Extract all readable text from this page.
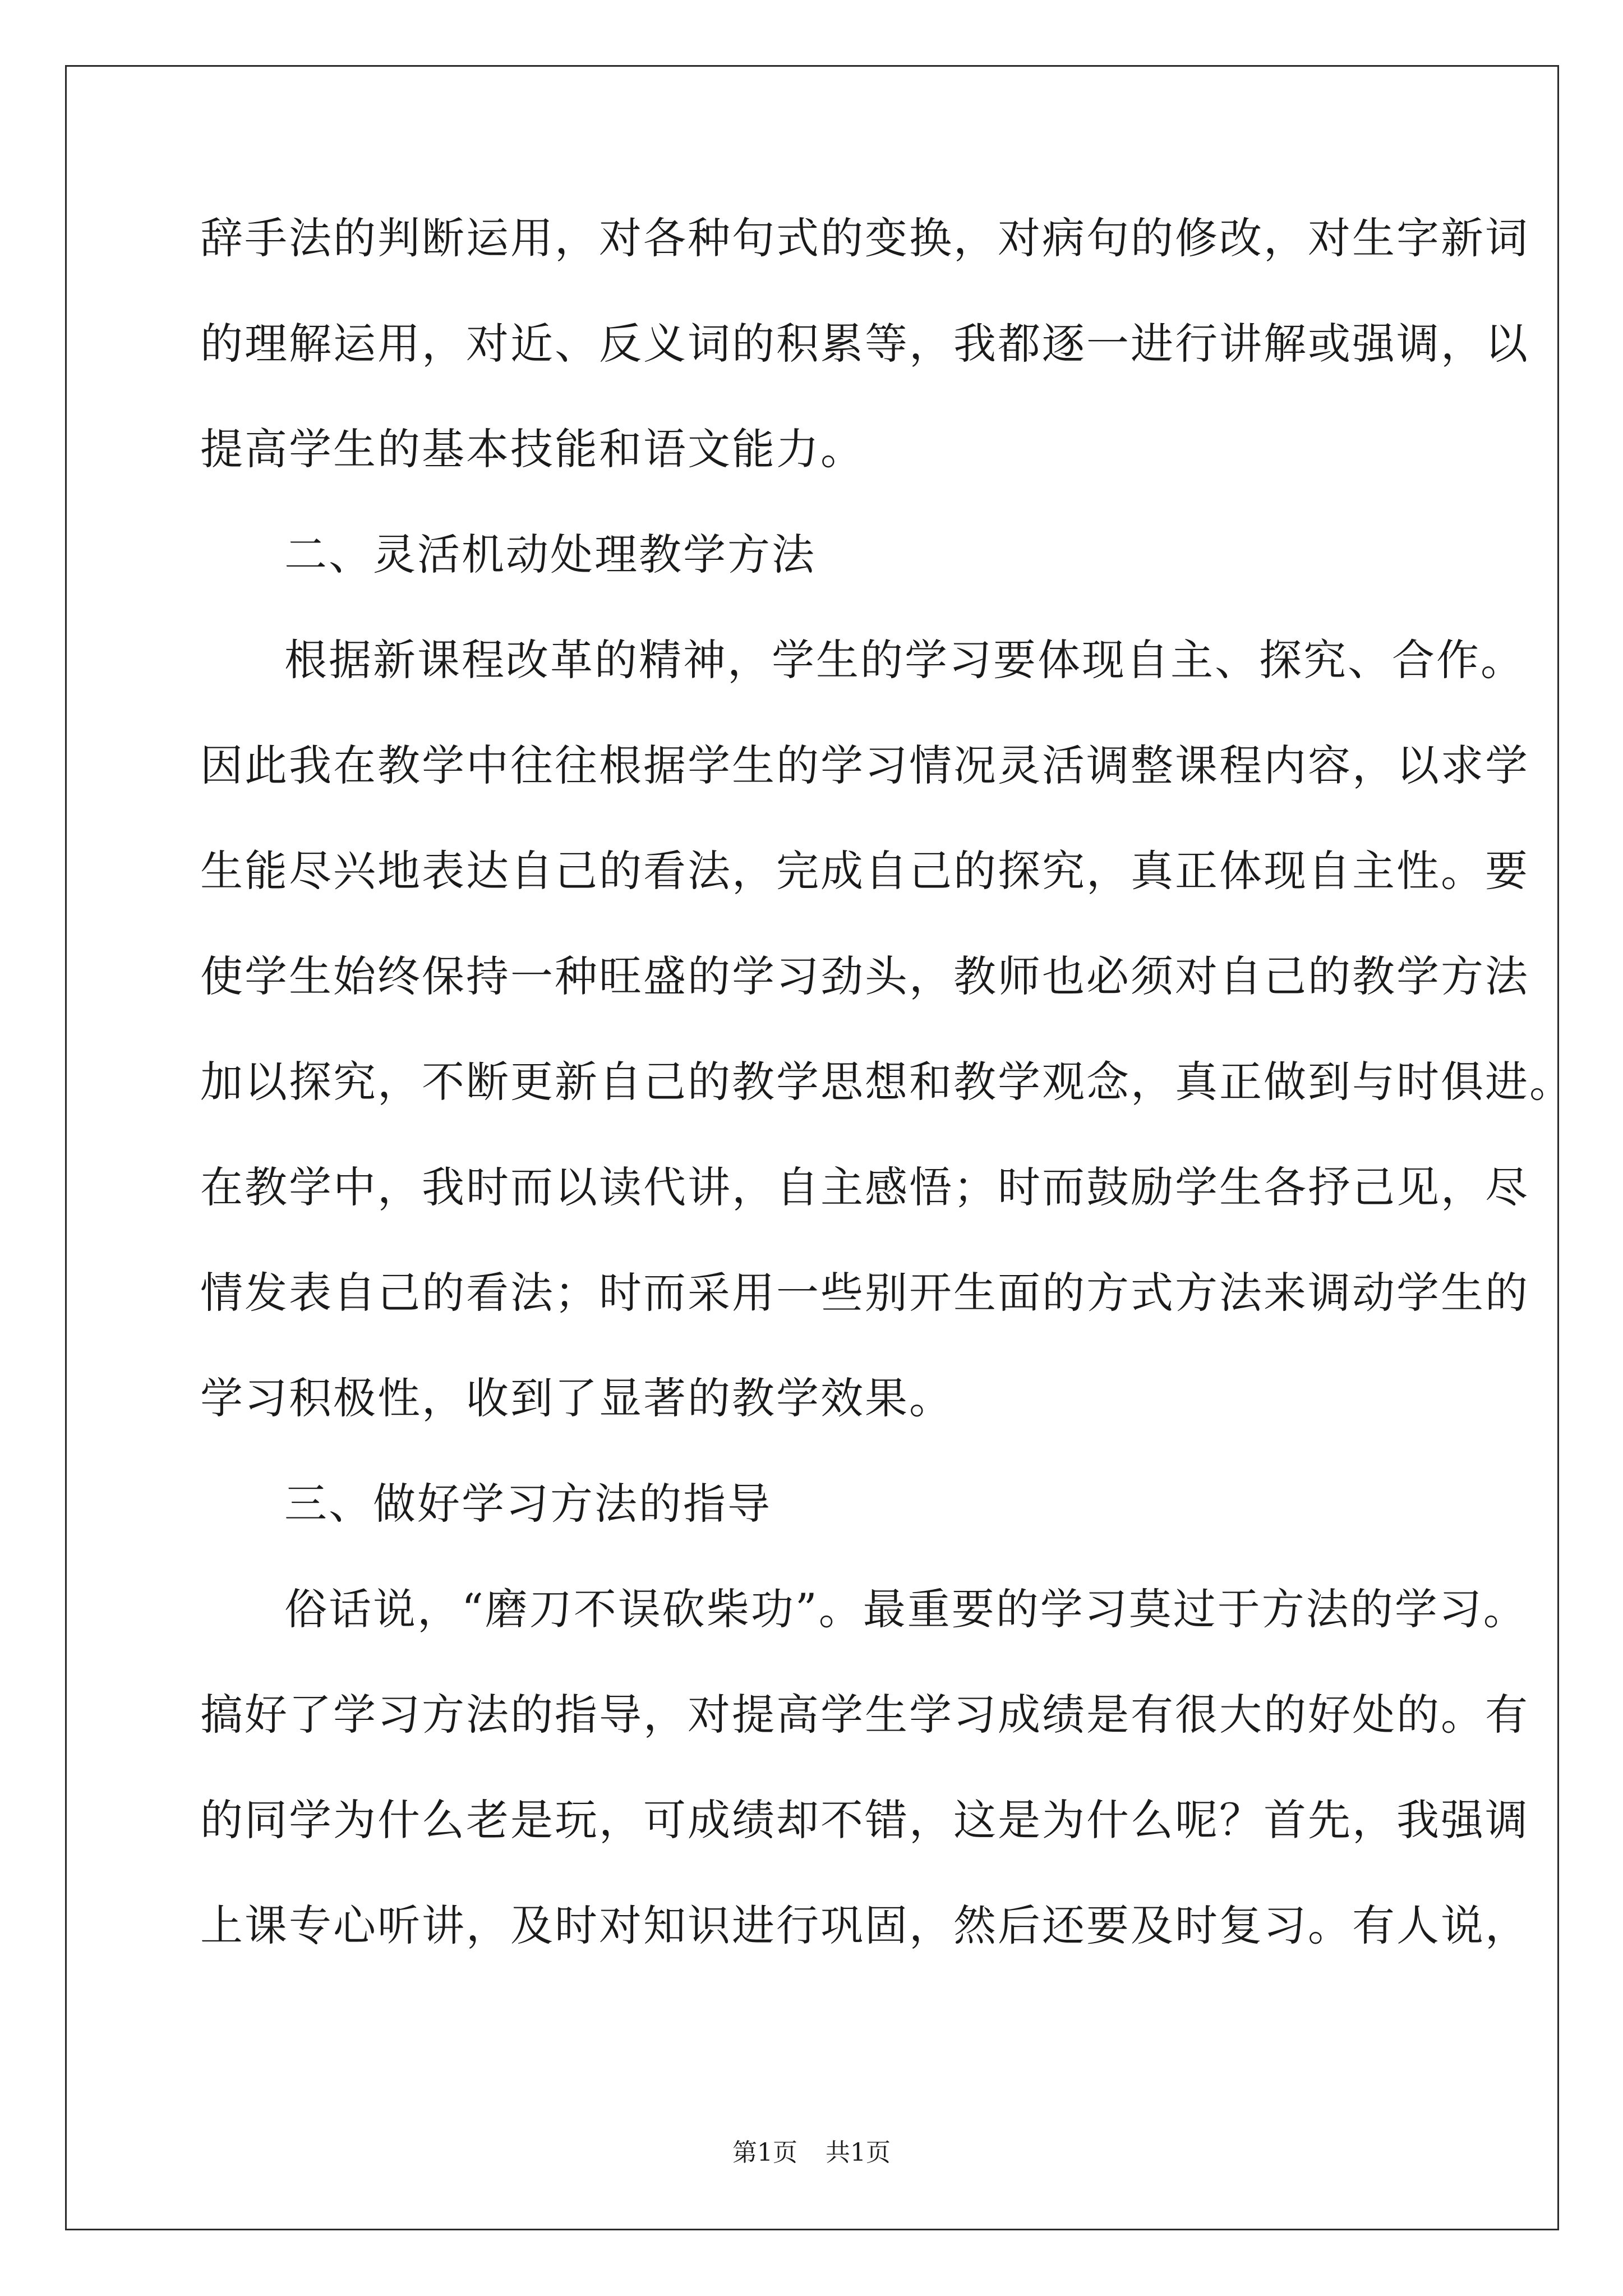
辞手法的判断运用，对各种句式的变换，对病句的修改，对生字新词
的理解运用，对近、反义词的积累等，我都逐一进行讲解或强调，以
提高学生的基本技能和语文能力。
二、灵活机动处理教学方法
根据新课程改革的精神，学生的学习要体现自主、探究、合作。
因此我在教学中往往根据学生的学习情况灵活调整课程内容，以求学
生能尽兴地表达自己的看法，完成自己的探究，真正体现自主性。要
使学生始终保持一种旺盛的学习劲头，教师也必须对自己的教学方法
加以探究，不断更新自己的教学思想和教学观念，真正做到与时俱进。
在教学中，我时而以读代讲，自主感悟；时而鼓励学生各抒己见，尽
情发表自己的看法；时而采用一些别开生面的方式方法来调动学生的
学习积极性，收到了显著的教学效果。
三、做好学习方法的指导
俗话说，“磨刀不误砍柴功”。最重要的学习莫过于方法的学习。
搞好了学习方法的指导，对提高学生学习成绩是有很大的好处的。有
的同学为什么老是玩，可成绩却不错，这是为什么呢？首先，我强调
上课专心听讲，及时对知识进行巩固，然后还要及时复习。有人说，
第1页 共1页
